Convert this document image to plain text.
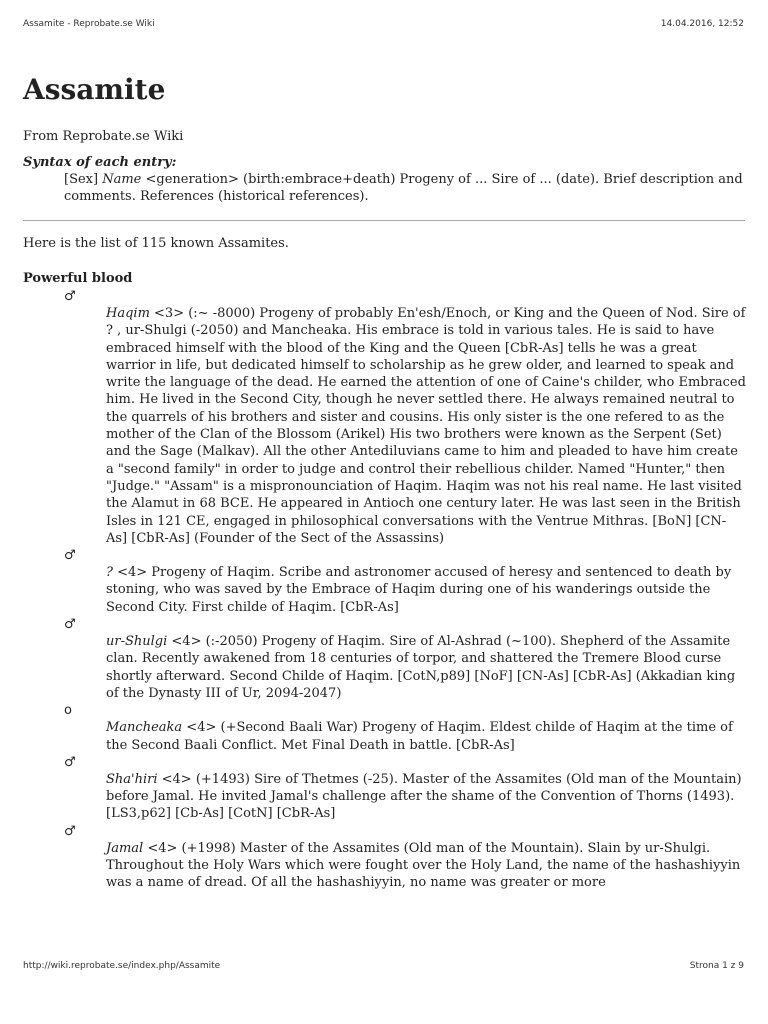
Assamite - Reprobate.se Wiki	14.04.2016, 12:52
Assamite
From Reprobate.se Wiki
Syntax of each entry:
[Sex] Name <generation> (birth:embrace+death) Progeny of ... Sire of ... (date). Brief description and comments. References (historical references).
Here is the list of 115 known Assamites.
Powerful blood
♂
Haqim <3> (:~ -8000) Progeny of probably En'esh/Enoch, or King and the Queen of Nod. Sire of ? , ur-Shulgi (-2050) and Mancheaka. His embrace is told in various tales. He is said to have embraced himself with the blood of the King and the Queen [CbR-As] tells he was a great warrior in life, but dedicated himself to scholarship as he grew older, and learned to speak and write the language of the dead. He earned the attention of one of Caine's childer, who Embraced him. He lived in the Second City, though he never settled there. He always remained neutral to the quarrels of his brothers and sister and cousins. His only sister is the one refered to as the mother of the Clan of the Blossom (Arikel) His two brothers were known as the Serpent (Set) and the Sage (Malkav). All the other Antediluvians came to him and pleaded to have him create a "second family" in order to judge and control their rebellious childer. Named "Hunter," then "Judge." "Assam" is a mispronounciation of Haqim. Haqim was not his real name. He last visited the Alamut in 68 BCE. He appeared in Antioch one century later. He was last seen in the British Isles in 121 CE, engaged in philosophical conversations with the Ventrue Mithras. [BoN] [CN-As] [CbR-As] (Founder of the Sect of the Assassins)
♂
? <4> Progeny of Haqim. Scribe and astronomer accused of heresy and sentenced to death by stoning, who was saved by the Embrace of Haqim during one of his wanderings outside the Second City. First childe of Haqim. [CbR-As]
♂
ur-Shulgi <4> (:-2050) Progeny of Haqim. Sire of Al-Ashrad (~100). Shepherd of the Assamite clan. Recently awakened from 18 centuries of torpor, and shattered the Tremere Blood curse shortly afterward. Second Childe of Haqim. [CotN,p89] [NoF] [CN-As] [CbR-As] (Akkadian king of the Dynasty III of Ur, 2094-2047)
o
Mancheaka <4> (+Second Baali War) Progeny of Haqim. Eldest childe of Haqim at the time of the Second Baali Conflict. Met Final Death in battle. [CbR-As]
♂
Sha'hiri <4> (+1493) Sire of Thetmes (-25). Master of the Assamites (Old man of the Mountain) before Jamal. He invited Jamal's challenge after the shame of the Convention of Thorns (1493). [LS3,p62] [Cb-As] [CotN] [CbR-As]
♂
Jamal <4> (+1998) Master of the Assamites (Old man of the Mountain). Slain by ur-Shulgi. Throughout the Holy Wars which were fought over the Holy Land, the name of the hashashiyyin was a name of dread. Of all the hashashiyyin, no name was greater or more
http://wiki.reprobate.se/index.php/Assamite	Strona 1 z 9
